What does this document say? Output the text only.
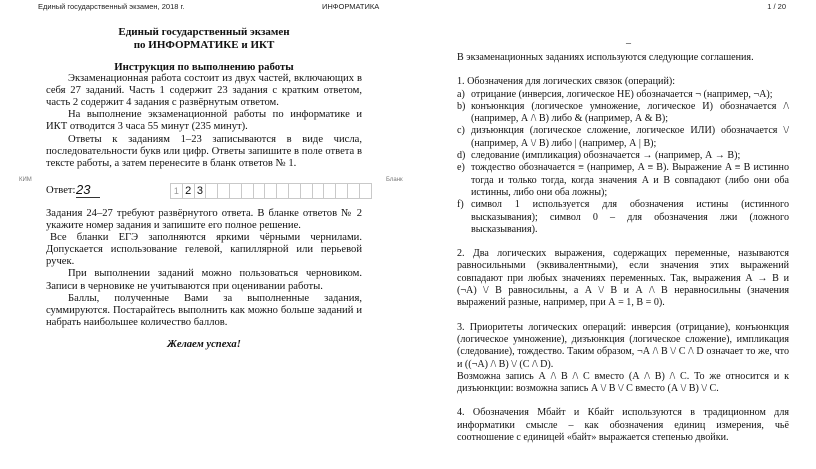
Единый государственный экзамен, 2018 г.	ИНФОРМАТИКА	1 / 20
Единый государственный экзамен
по ИНФОРМАТИКЕ и ИКТ
Инструкция по выполнению работы

Экзаменационная работа состоит из двух частей, включающих в себя 27 заданий. Часть 1 содержит 23 задания с кратким ответом, часть 2 содержит 4 задания с развёрнутым ответом.

На выполнение экзаменационной работы по информатике и ИКТ отводится 3 часа 55 минут (235 минут).

Ответы к заданиям 1–23 записываются в виде числа, последовательности букв или цифр. Ответы запишите в поле ответа в тексте работы, а затем перенесите в бланк ответов № 1.

КИМ
Ответ: 23	1 2 3
Бланк

Задания 24–27 требуют развёрнутого ответа. В бланке ответов № 2 укажите номер задания и запишите его полное решение.

Все бланки ЕГЭ заполняются яркими чёрными чернилами. Допускается использование гелевой, капиллярной или перьевой ручек.

При выполнении заданий можно пользоваться черновиком. Записи в черновике не учитываются при оценивании работы.

Баллы, полученные Вами за выполненные задания, суммируются. Постарайтесь выполнить как можно больше заданий и набрать наибольшее количество баллов.

Желаем успеха!
–

В экзаменационных заданиях используются следующие соглашения.

1. Обозначения для логических связок (операций):

a) отрицание (инверсия, логическое НЕ) обозначается ¬ (например, ¬А);
b) конъюнкция (логическое умножение, логическое И) обозначается /\ (например, А /\ В) либо & (например, А & В);
c) дизъюнкция (логическое сложение, логическое ИЛИ) обозначается \/ (например, А \/ В) либо | (например, А | В);
d) следование (импликация) обозначается → (например, А → В);
e) тождество обозначается ≡ (например, A ≡ B). Выражение A ≡ B истинно тогда и только тогда, когда значения A и B совпадают (либо они оба истинны, либо они оба ложны);
f) символ 1 используется для обозначения истины (истинного высказывания); символ 0 – для обозначения лжи (ложного высказывания).

2. Два логических выражения, содержащих переменные, называются равносильными (эквивалентными), если значения этих выражений совпадают при любых значениях переменных. Так, выражения А → В и (¬А) \/ В равносильны, а А \/ В и А /\ В неравносильны (значения выражений разные, например, при А = 1, В = 0).

3. Приоритеты логических операций: инверсия (отрицание), конъюнкция (логическое умножение), дизъюнкция (логическое сложение), импликация (следование), тождество. Таким образом, ¬А /\ В \/ С /\ D означает то же, что и ((¬А) /\ В) \/ (С /\ D).

Возможна запись А /\ В /\ С вместо (А /\ В) /\ С. То же относится и к дизъюнкции: возможна запись А \/ В \/ С вместо (А \/ В) \/ С.

4. Обозначения Мбайт и Кбайт используются в традиционном для информатики смысле – как обозначения единиц измерения, чьё соотношение с единицей «байт» выражается степенью двойки.
